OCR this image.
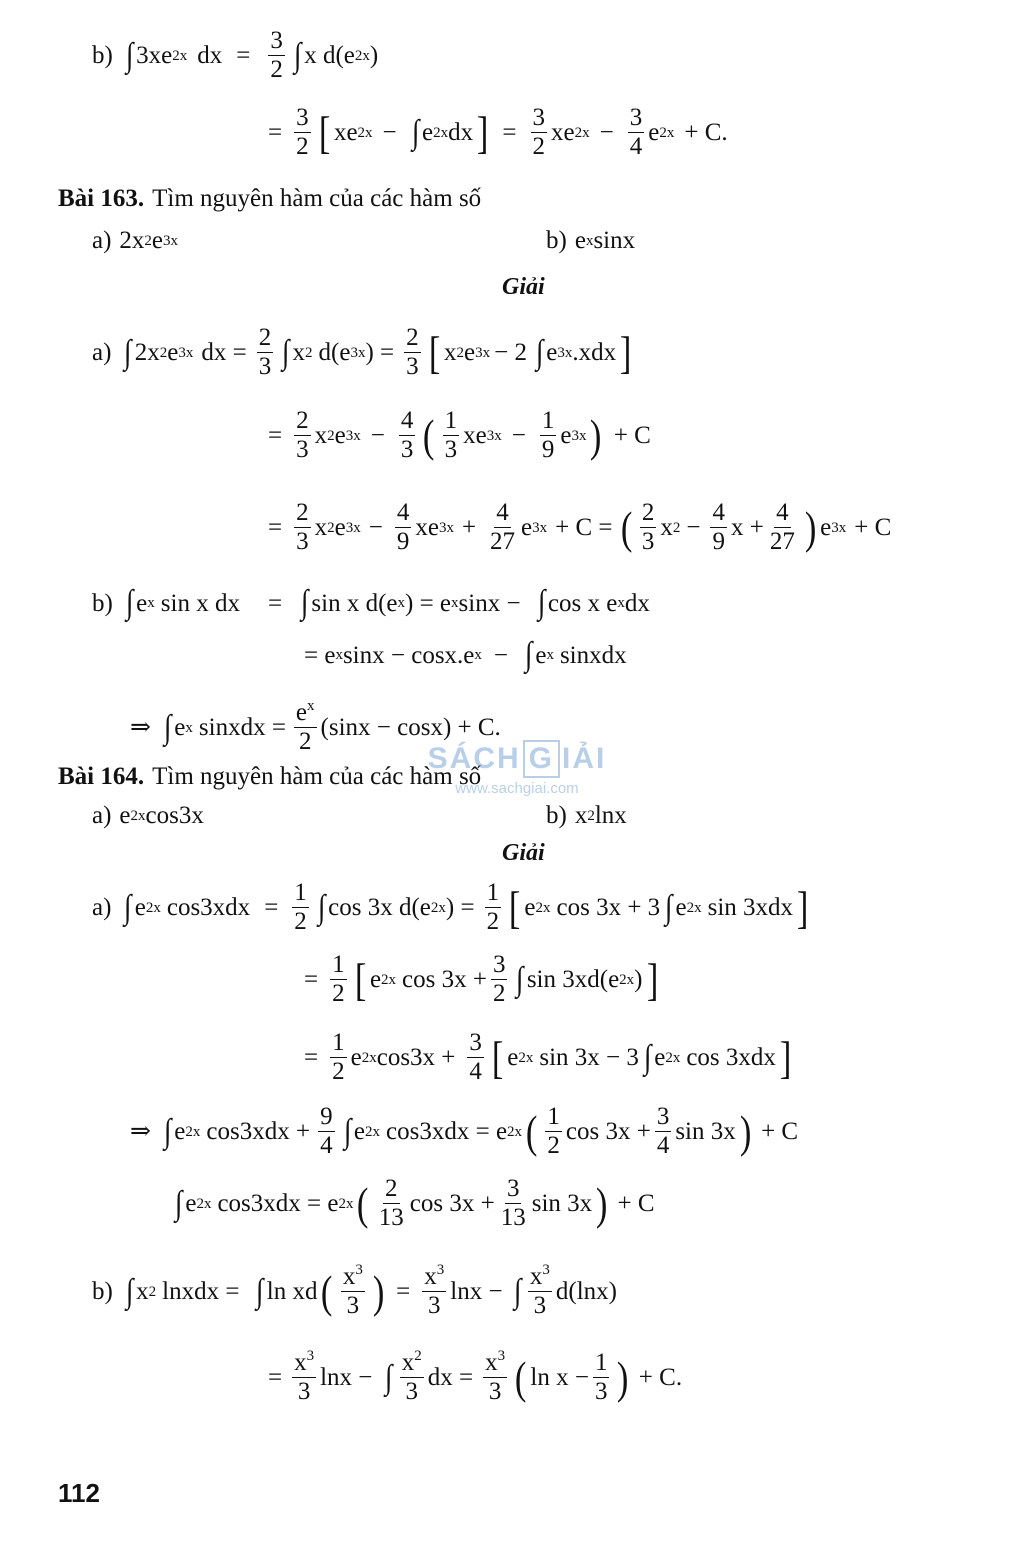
b) ∫ 3xe 2x dx = $\frac{3}{2}$ ∫ x d(e 2x )
= $\frac{3}{2}$ [ xe 2x − ∫ e 2x dx ] = $\frac{3}{2}$ xe $2x - \frac{3}{4}$ e 2x + C.
Bài 163. Tìm nguyên hàm của các hàm số
a) 2x 2 e 3x	b) e x sinx
Giải
a) ∫ 2x 2 e 3x dx = $\frac{2}{3}$ ∫ x 2 d(e 3x ) = $\frac{2}{3}$ [ x 2 e 3x − 2 ∫ e 3x .xdx ]
= $\frac{2}{3}$ x 2 e $3x - \frac{4}{3}$ ( $\frac{1}{3}$ xe $3x - \frac{1}{9}$ e 3x ) + C
= $\frac{2}{3}$ x 2 e $3x - \frac{4}{9}$ xe $3x + \frac{4}{27}$ e 3x + C = ( $\frac{2}{3}$ x $2 - \frac{4}{9}$ $x + \frac{4}{27}$ ) e 3x + C
b) ∫ e x sin x dx = ∫ sin x d(e x ) = e x sinx − ∫ cos x e x dx
= e x sinx − cosx.e x − ∫ e x sinxdx
⇒ ∫ e x sinxdx = $\frac{e^x}{2} (\sin x - \cos x) + C$.
Bài 164. Tìm nguyên hàm của các hàm số
a) e 2x cos3x	b) x 2 lnx
Giải
a) ∫ e 2x $\cos 3xdx = \frac{1}{2}$ ∫ cos 3x d(e 2x ) = $\frac{1}{2}$ [ e 2x cos 3x + 3 ∫ e 2x sin 3xdx ]
= $\frac{1}{2}$ [ e 2x $\cos 3x + \frac{3}{2}$ ∫ sin 3xd(e 2x ) ]
= $\frac{1}{2}$ e 2x $\cos 3x + \frac{3}{4}$ [ e 2x sin 3x − 3 ∫ e 2x cos 3xdx ]
⇒ ∫ e 2x $\cos 3xdx + \frac{9}{4}$ ∫ e 2x cos3xdx = e 2x ( $\frac{1}{2}$ $\cos 3x + \frac{3}{4}$ sin 3x ) + C
∫ e 2x cos3xdx = e 2x ( $\frac{2}{13}$ $\cos 3x + \frac{3}{13}$ sin 3x ) + C
b) ∫ x 2 lnxdx = ∫ ln xd ( $\frac{x^3}{3}$ ) = $\frac{x^3}{3}$ lnx − ∫ $\frac{x^3}{3} d(\ln x)$
= $\frac{x^3}{3}$ lnx − ∫ $\frac{x^2}{3}$ dx = $\frac{x^3}{3}$ ( $\ln x - \frac{1}{3}$ ) + C.
SÁCH G IẢI
www.sachgiai.com
112
